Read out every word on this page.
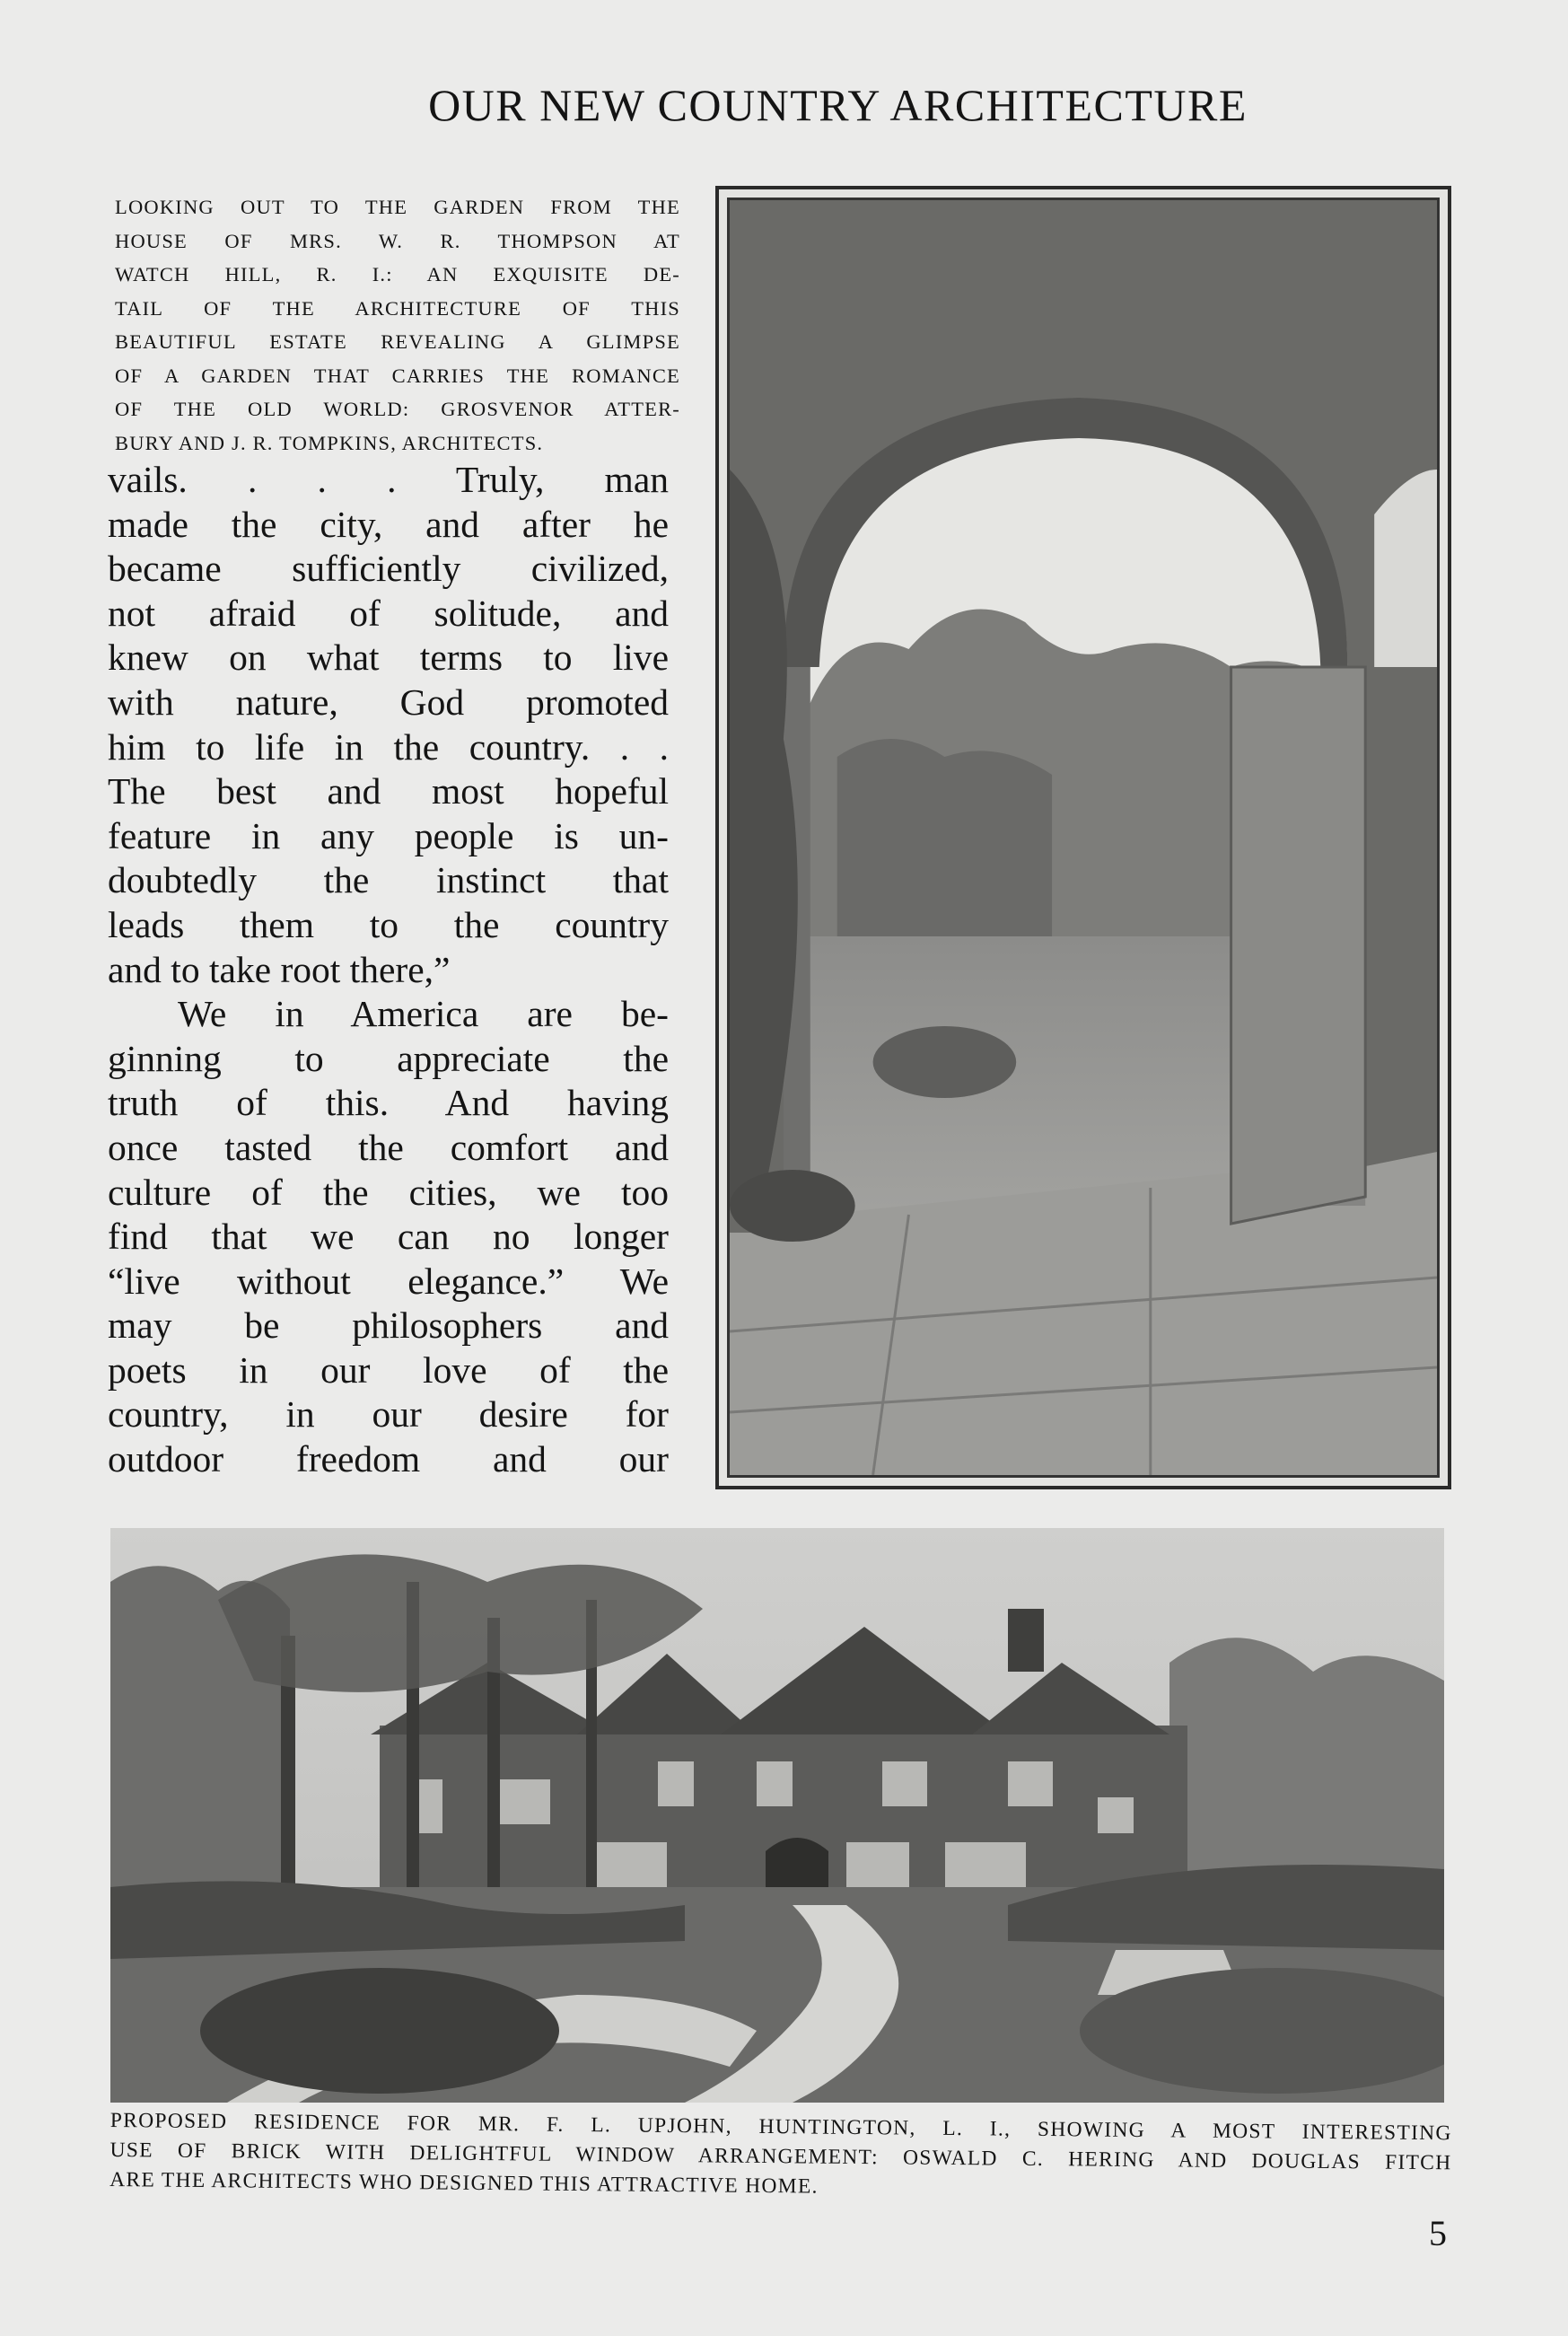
OUR NEW COUNTRY ARCHITECTURE
LOOKING OUT TO THE GARDEN FROM THE
HOUSE OF MRS. W. R. THOMPSON AT
WATCH HILL, R. I.: AN EXQUISITE DE-
TAIL OF THE ARCHITECTURE OF THIS
BEAUTIFUL ESTATE REVEALING A GLIMPSE
OF A GARDEN THAT CARRIES THE ROMANCE
OF THE OLD WORLD: GROSVENOR ATTER-
BURY AND J. R. TOMPKINS, ARCHITECTS.
vails. . . . Truly, man
made the city, and after he
became sufficiently civilized,
not afraid of solitude, and
knew on what terms to live
with nature, God promoted
him to life in the country. . .
The best and most hopeful
feature in any people is un-
doubtedly the instinct that
leads them to the country
and to take root there,”
We in America are be-
ginning to appreciate the
truth of this. And having
once tasted the comfort and
culture of the cities, we too
find that we can no longer
“live without elegance.” We
may be philosophers and
poets in our love of the
country, in our desire for
outdoor freedom and our
PROPOSED RESIDENCE FOR MR. F. L. UPJOHN, HUNTINGTON, L. I., SHOWING A MOST INTERESTING
USE OF BRICK WITH DELIGHTFUL WINDOW ARRANGEMENT: OSWALD C. HERING AND DOUGLAS FITCH
ARE THE ARCHITECTS WHO DESIGNED THIS ATTRACTIVE HOME.
5
